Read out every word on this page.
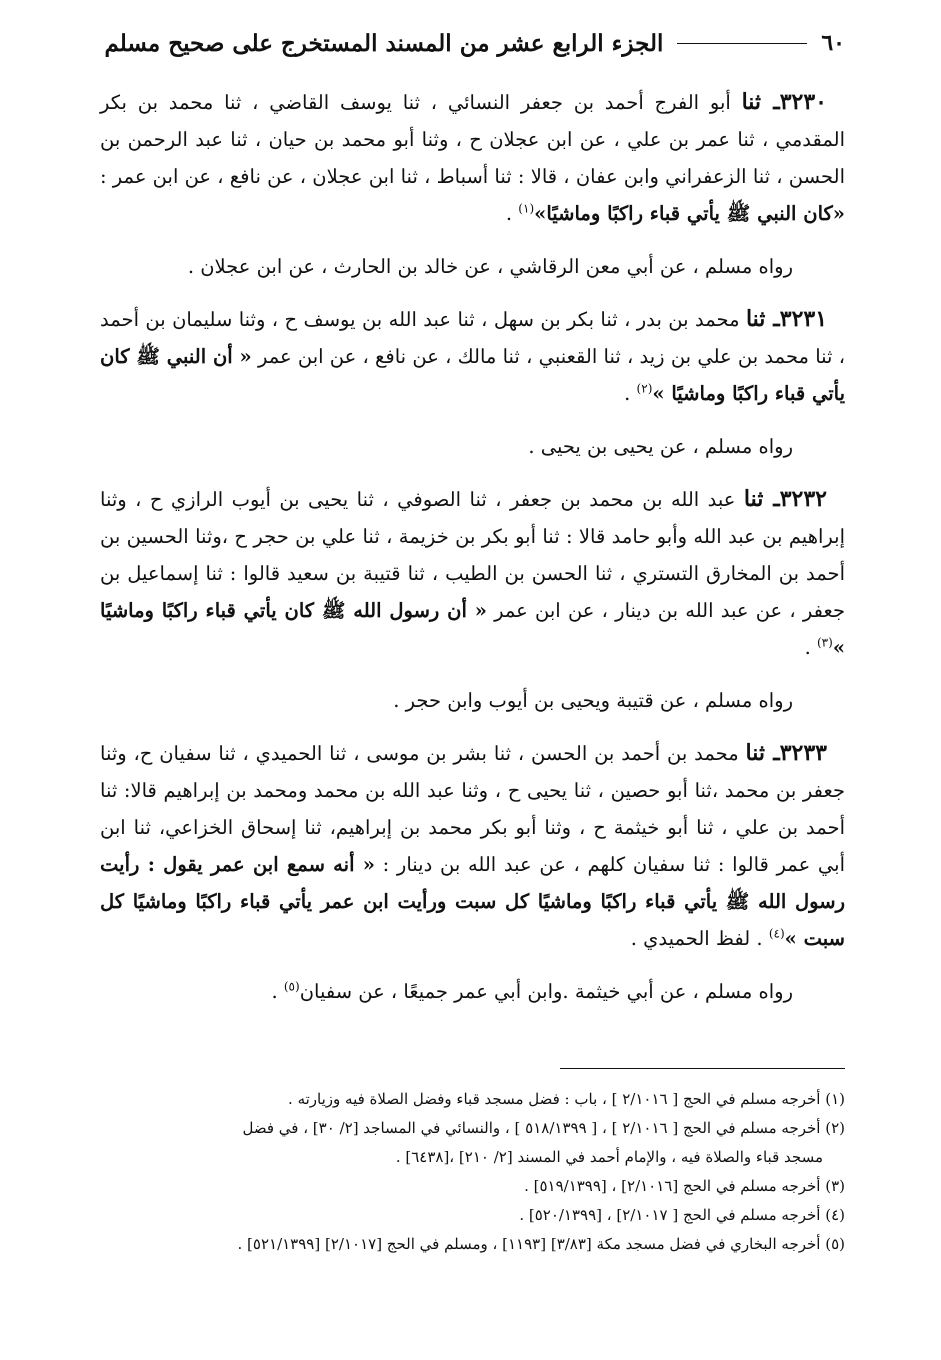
٦٠
الجزء الرابع عشر من المسند المستخرج على صحيح مسلم

٣٢٣٠ـ ثنا أبو الفرج أحمد بن جعفر النسائي ، ثنا يوسف القاضي ، ثنا محمد بن بكر المقدمي ، ثنا عمر بن علي ، عن ابن عجلان ح ، وثنا أبو محمد بن حيان ، ثنا عبد الرحمن بن الحسن ، ثنا الزعفراني وابن عفان ، قالا : ثنا أسباط ، ثنا ابن عجلان ، عن نافع ، عن ابن عمر : «كان النبي ﷺ يأتي قباء راكبًا وماشيًا»$^{(١)}$ .

رواه مسلم ، عن أبي معن الرقاشي ، عن خالد بن الحارث ، عن ابن عجلان .

٣٢٣١ـ ثنا محمد بن بدر ، ثنا بكر بن سهل ، ثنا عبد الله بن يوسف ح ، وثنا سليمان بن أحمد ، ثنا محمد بن علي بن زيد ، ثنا القعنبي ، ثنا مالك ، عن نافع ، عن ابن عمر « أن النبي ﷺ كان يأتي قباء راكبًا وماشيًا »$^{(٢)}$ .

رواه مسلم ، عن يحيى بن يحيى .

٣٢٣٢ـ ثنا عبد الله بن محمد بن جعفر ، ثنا الصوفي ، ثنا يحيى بن أيوب الرازي ح ، وثنا إبراهيم بن عبد الله وأبو حامد قالا : ثنا أبو بكر بن خزيمة ، ثنا علي بن حجر ح ،وثنا الحسين بن أحمد بن المخارق التستري ، ثنا الحسن بن الطيب ، ثنا قتيبة بن سعيد قالوا : ثنا إسماعيل بن جعفر ، عن عبد الله بن دينار ، عن ابن عمر « أن رسول الله ﷺ كان يأتي قباء راكبًا وماشيًا »$^{(٣)}$ .

رواه مسلم ، عن قتيبة ويحيى بن أيوب وابن حجر .

٣٢٣٣ـ ثنا محمد بن أحمد بن الحسن ، ثنا بشر بن موسى ، ثنا الحميدي ، ثنا سفيان ح، وثنا جعفر بن محمد ،ثنا أبو حصين ، ثنا يحيى ح ، وثنا عبد الله بن محمد ومحمد بن إبراهيم قالا: ثنا أحمد بن علي ، ثنا أبو خيثمة ح ، وثنا أبو بكر محمد بن إبراهيم، ثنا إسحاق الخزاعي، ثنا ابن أبي عمر قالوا : ثنا سفيان كلهم ، عن عبد الله بن دينار : « أنه سمع ابن عمر يقول : رأيت رسول الله ﷺ يأتي قباء راكبًا وماشيًا كل سبت ورأيت ابن عمر يأتي قباء راكبًا وماشيًا كل سبت »$^{(٤)}$ . لفظ الحميدي .

رواه مسلم ، عن أبي خيثمة .وابن أبي عمر جميعًا ، عن سفيان$^{(٥)}$ .

(١) أخرجه مسلم في الحج [ ٢/١٠١٦ ] ، باب : فضل مسجد قباء وفضل الصلاة فيه وزيارته .

(٢) أخرجه مسلم في الحج [ ٢/١٠١٦ ] ، [ ٥١٨/١٣٩٩ ] ، والنسائي في المساجد [٢/ ٣٠] ، في فضل
مسجد قباء والصلاة فيه ، والإمام أحمد في المسند [٢/ ٢١٠] ،[٦٤٣٨] .

(٣) أخرجه مسلم في الحج [٢/١٠١٦] ، [٥١٩/١٣٩٩] .

(٤) أخرجه مسلم في الحج [ ٢/١٠١٧] ، [٥٢٠/١٣٩٩] .

(٥) أخرجه البخاري في فضل مسجد مكة [٣/٨٣] [١١٩٣] ، ومسلم في الحج [٢/١٠١٧] [٥٢١/١٣٩٩] .
